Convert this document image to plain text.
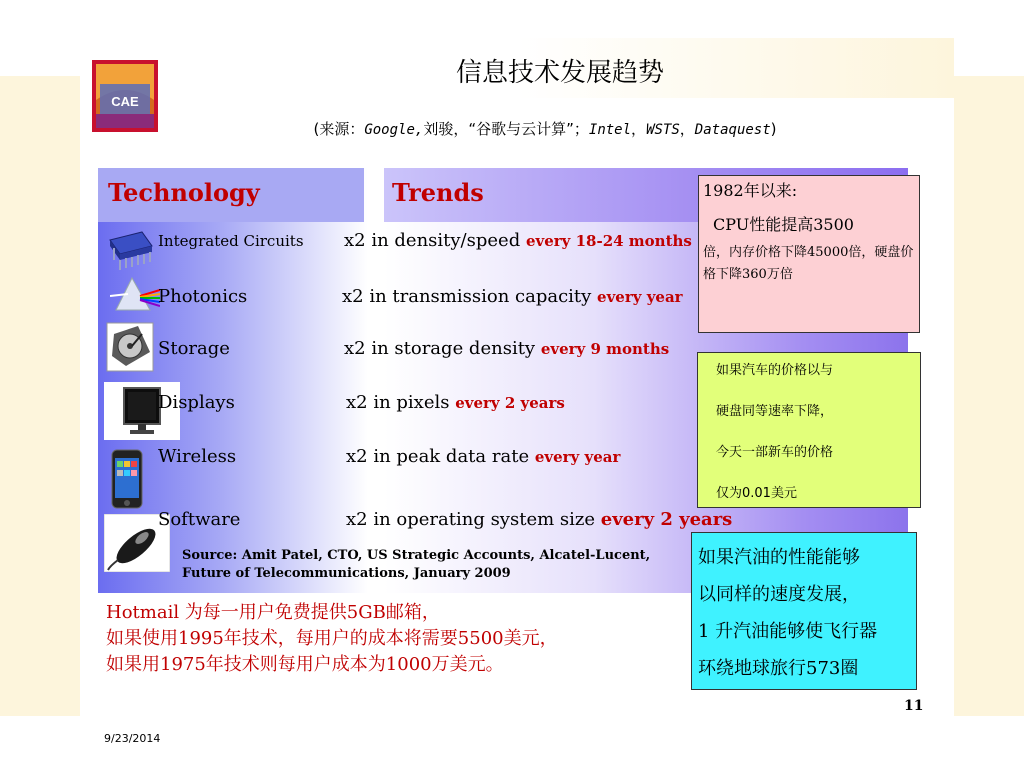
CAE
信息技术发展趋势
(来源：Google,刘骏，“谷歌与云计算”；Intel，WSTS，Dataquest)
Technology	Trends
Integrated Circuits x2 in density/speed every 18-24 months
Photonics	x2 in transmission capacity every year
Storage	x2 in storage density every 9 months
Displays	x2 in pixels every 2 years
Wireless	x2 in peak data rate every year
Software	x2 in operating system size every 2 years
Source: Amit Patel, CTO, US Strategic Accounts, Alcatel-Lucent,
Future of Telecommunications, January 2009
Hotmail 为每一用户免费提供5GB邮箱，
如果使用1995年技术，每用户的成本将需要5500美元，
如果用1975年技术则每用户成本为1000万美元。
1982年以来:
CPU性能提高3500
倍，内存价格下降45000倍，硬盘价格下降360万倍
如果汽车的价格以与
硬盘同等速率下降，
今天一部新车的价格
仅为0.01美元
如果汽油的性能能够
以同样的速度发展，
1 升汽油能够使飞行器
环绕地球旅行573圈
11
9/23/2014
